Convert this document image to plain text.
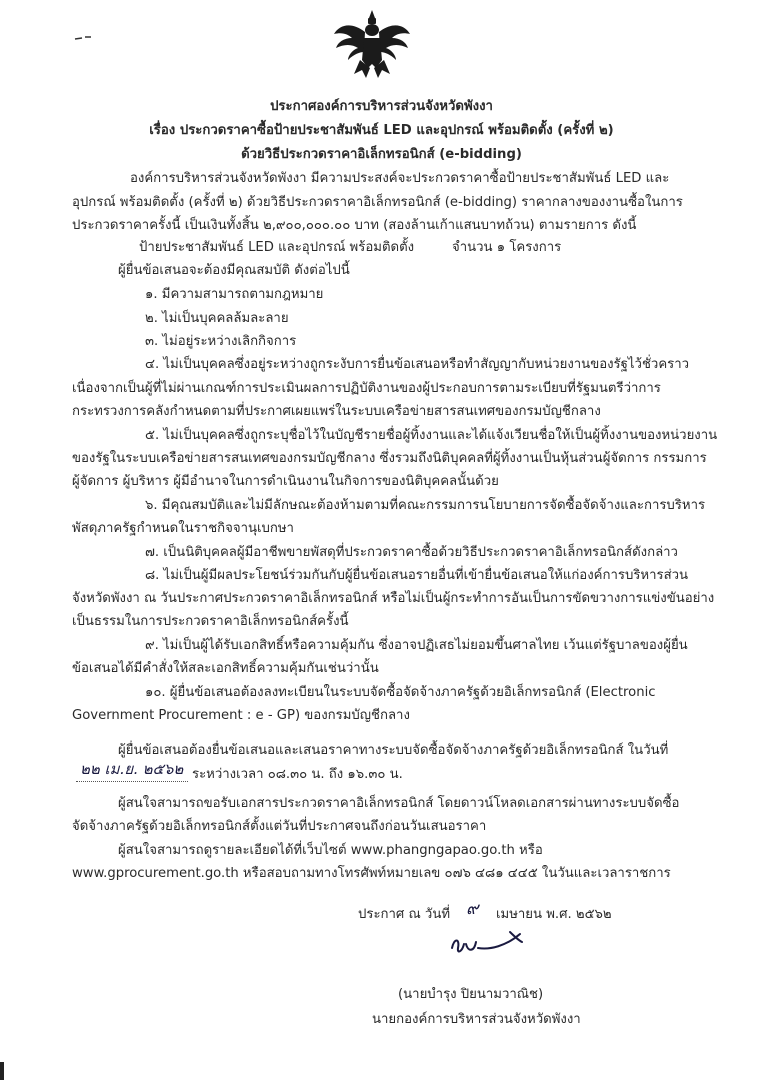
ประกาศองค์การบริหารส่วนจังหวัดพังงา
เรื่อง ประกวดราคาซื้อป้ายประชาสัมพันธ์ LED และอุปกรณ์ พร้อมติดตั้ง (ครั้งที่ ๒)
ด้วยวิธีประกวดราคาอิเล็กทรอนิกส์ (e-bidding)
องค์การบริหารส่วนจังหวัดพังงา มีความประสงค์จะประกวดราคาซื้อป้ายประชาสัมพันธ์ LED และ
อุปกรณ์ พร้อมติดตั้ง (ครั้งที่ ๒) ด้วยวิธีประกวดราคาอิเล็กทรอนิกส์ (e-bidding) ราคากลางของงานซื้อในการ
ประกวดราคาครั้งนี้ เป็นเงินทั้งสิ้น ๒,๙๐๐,๐๐๐.๐๐ บาท (สองล้านเก้าแสนบาทถ้วน) ตามรายการ ดังนี้
ป้ายประชาสัมพันธ์ LED และอุปกรณ์ พร้อมติดตั้ง	จำนวน ๑ โครงการ
ผู้ยื่นข้อเสนอจะต้องมีคุณสมบัติ ดังต่อไปนี้
๑. มีความสามารถตามกฎหมาย
๒. ไม่เป็นบุคคลล้มละลาย
๓. ไม่อยู่ระหว่างเลิกกิจการ
๔. ไม่เป็นบุคคลซึ่งอยู่ระหว่างถูกระงับการยื่นข้อเสนอหรือทำสัญญากับหน่วยงานของรัฐไว้ชั่วคราว
เนื่องจากเป็นผู้ที่ไม่ผ่านเกณฑ์การประเมินผลการปฏิบัติงานของผู้ประกอบการตามระเบียบที่รัฐมนตรีว่าการ
กระทรวงการคลังกำหนดตามที่ประกาศเผยแพร่ในระบบเครือข่ายสารสนเทศของกรมบัญชีกลาง
๕. ไม่เป็นบุคคลซึ่งถูกระบุชื่อไว้ในบัญชีรายชื่อผู้ทิ้งงานและได้แจ้งเวียนชื่อให้เป็นผู้ทิ้งงานของหน่วยงาน
ของรัฐในระบบเครือข่ายสารสนเทศของกรมบัญชีกลาง ซึ่งรวมถึงนิติบุคคลที่ผู้ทิ้งงานเป็นหุ้นส่วนผู้จัดการ กรรมการ
ผู้จัดการ ผู้บริหาร ผู้มีอำนาจในการดำเนินงานในกิจการของนิติบุคคลนั้นด้วย
๖. มีคุณสมบัติและไม่มีลักษณะต้องห้ามตามที่คณะกรรมการนโยบายการจัดซื้อจัดจ้างและการบริหาร
พัสดุภาครัฐกำหนดในราชกิจจานุเบกษา
๗. เป็นนิติบุคคลผู้มีอาชีพขายพัสดุที่ประกวดราคาซื้อด้วยวิธีประกวดราคาอิเล็กทรอนิกส์ดังกล่าว
๘. ไม่เป็นผู้มีผลประโยชน์ร่วมกันกับผู้ยื่นข้อเสนอรายอื่นที่เข้ายื่นข้อเสนอให้แก่องค์การบริหารส่วน
จังหวัดพังงา ณ วันประกาศประกวดราคาอิเล็กทรอนิกส์ หรือไม่เป็นผู้กระทำการอันเป็นการขัดขวางการแข่งขันอย่าง
เป็นธรรมในการประกวดราคาอิเล็กทรอนิกส์ครั้งนี้
๙. ไม่เป็นผู้ได้รับเอกสิทธิ์หรือความคุ้มกัน ซึ่งอาจปฏิเสธไม่ยอมขึ้นศาลไทย เว้นแต่รัฐบาลของผู้ยื่น
ข้อเสนอได้มีคำสั่งให้สละเอกสิทธิ์ความคุ้มกันเช่นว่านั้น
๑๐. ผู้ยื่นข้อเสนอต้องลงทะเบียนในระบบจัดซื้อจัดจ้างภาครัฐด้วยอิเล็กทรอนิกส์ (Electronic
Government Procurement : e - GP) ของกรมบัญชีกลาง
ผู้ยื่นข้อเสนอต้องยื่นข้อเสนอและเสนอราคาทางระบบจัดซื้อจัดจ้างภาครัฐด้วยอิเล็กทรอนิกส์ ในวันที่
๒๒ เม.ย. ๒๕๖๒ ระหว่างเวลา ๐๘.๓๐ น. ถึง ๑๖.๓๐ น.
ผู้สนใจสามารถขอรับเอกสารประกวดราคาอิเล็กทรอนิกส์ โดยดาวน์โหลดเอกสารผ่านทางระบบจัดซื้อ
จัดจ้างภาครัฐด้วยอิเล็กทรอนิกส์ตั้งแต่วันที่ประกาศจนถึงก่อนวันเสนอราคา
ผู้สนใจสามารถดูรายละเอียดได้ที่เว็บไซต์ www.phangngapao.go.th หรือ
www.gprocurement.go.th หรือสอบถามทางโทรศัพท์หมายเลข ๐๗๖ ๔๘๑ ๔๔๕ ในวันและเวลาราชการ
ประกาศ ณ วันที่ ๙ เมษายน พ.ศ. ๒๕๖๒
(นายบำรุง ปิยนามวาณิช)
นายกองค์การบริหารส่วนจังหวัดพังงา
